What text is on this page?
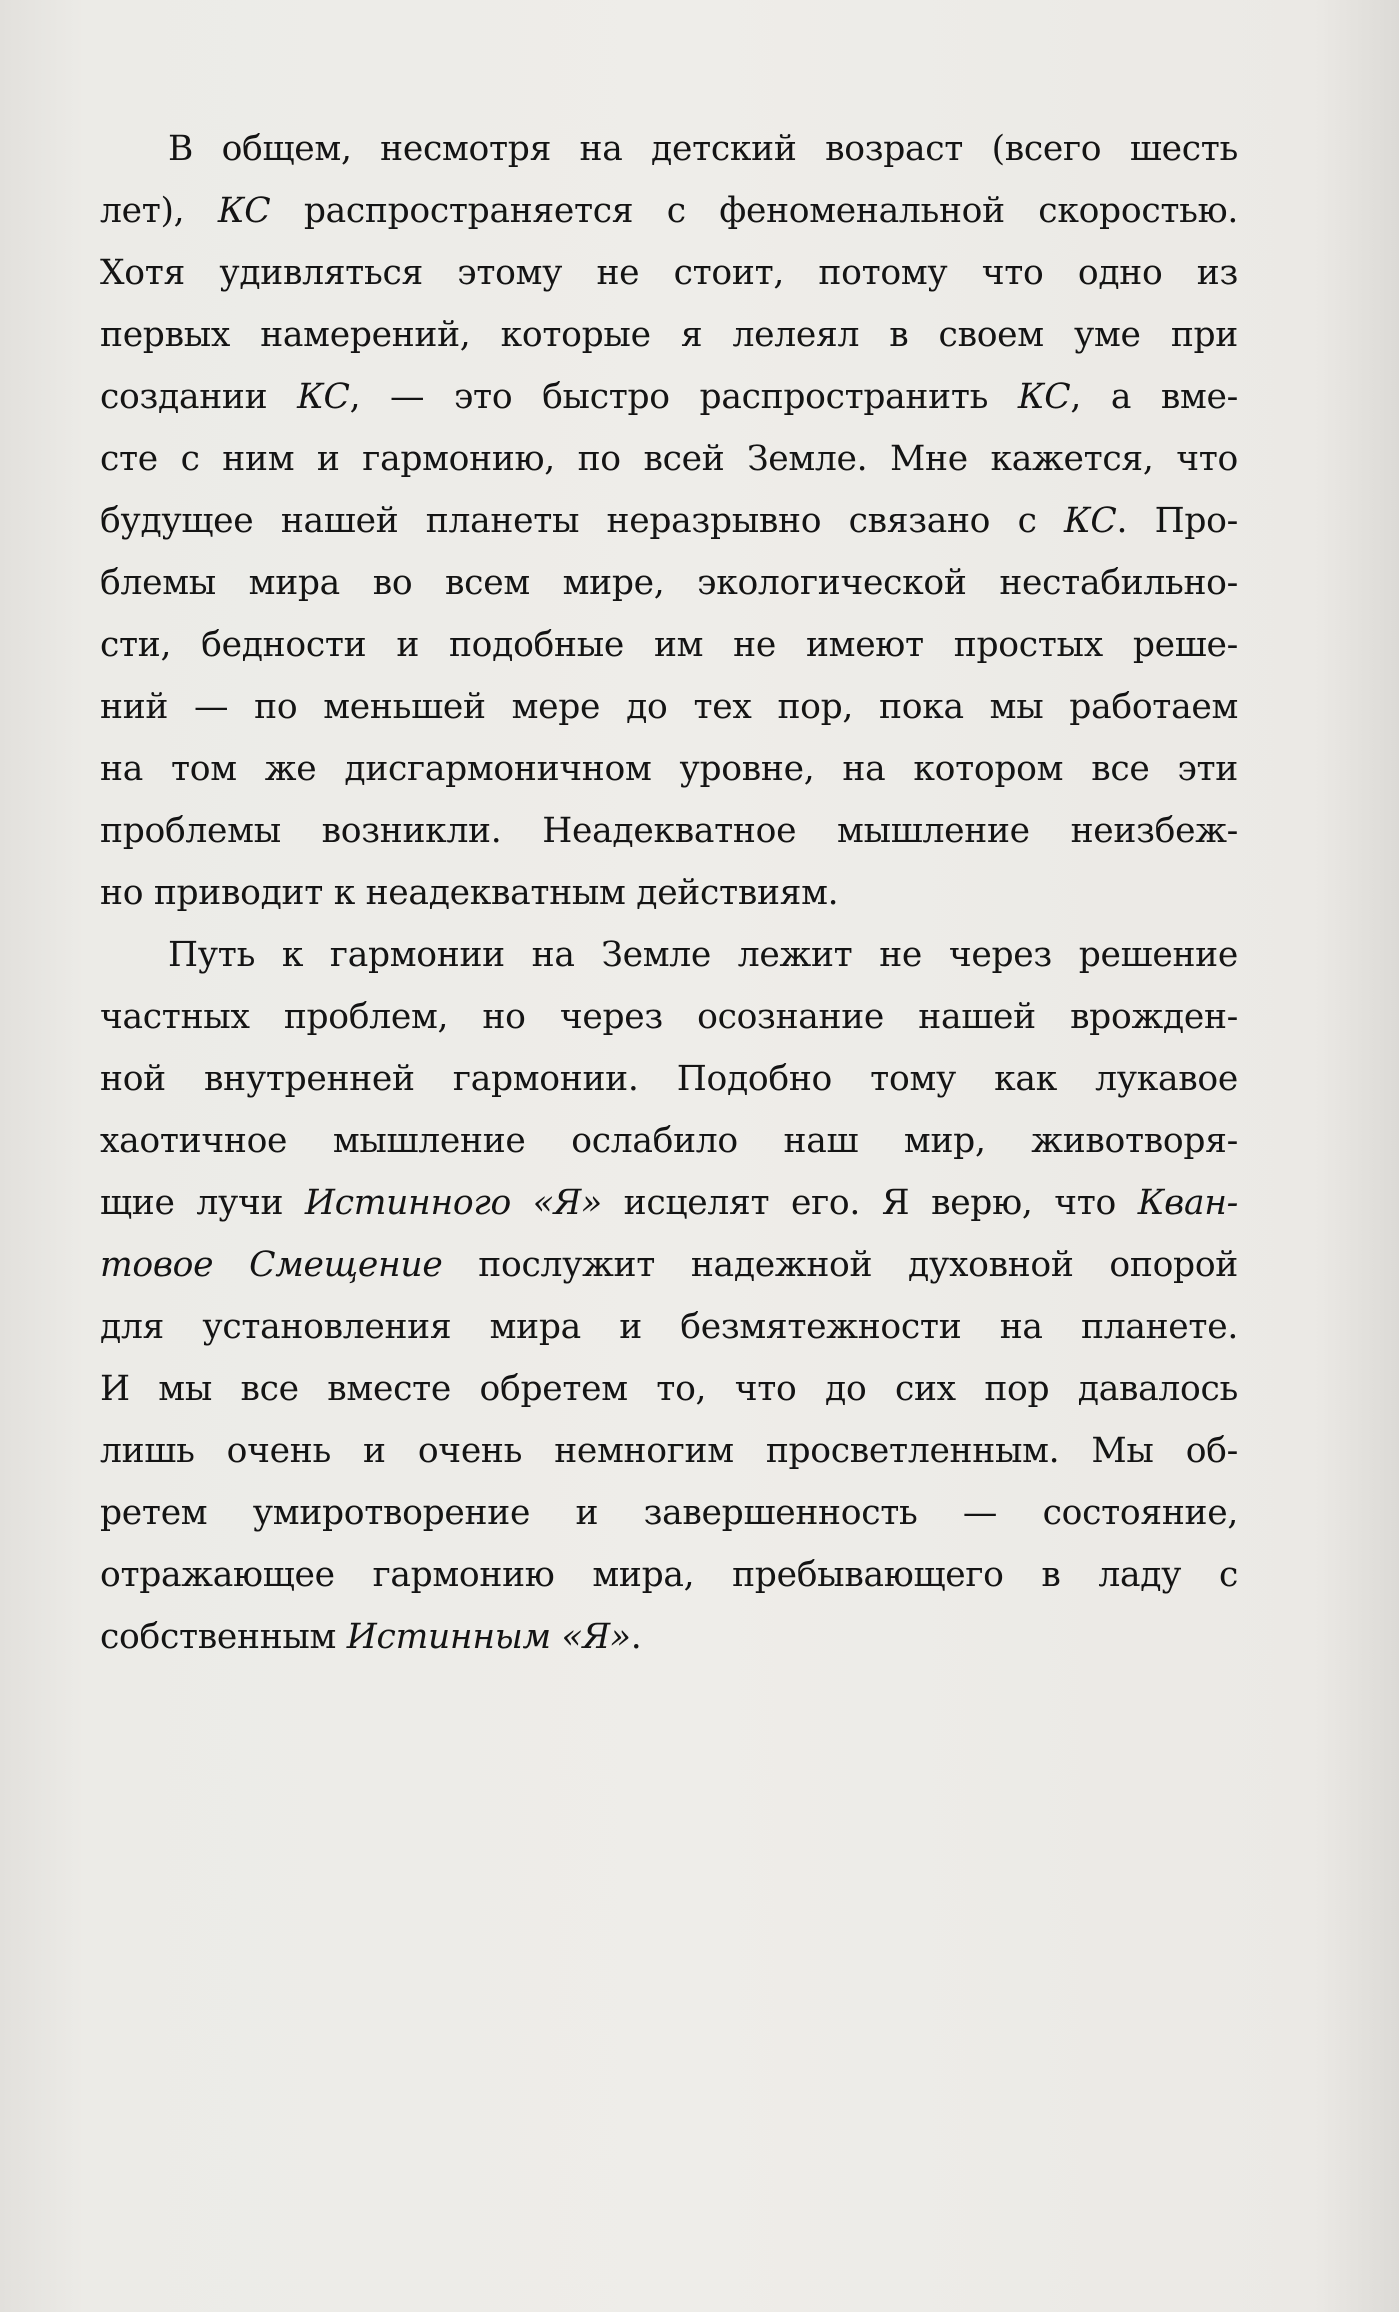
В общем, несмотря на детский возраст (всего шесть
лет), КС распространяется с феноменальной скоростью.
Хотя удивляться этому не стоит, потому что одно из
первых намерений, которые я лелеял в своем уме при
создании КС, — это быстро распространить КС, а вме-
сте с ним и гармонию, по всей Земле. Мне кажется, что
будущее нашей планеты неразрывно связано с КС. Про-
блемы мира во всем мире, экологической нестабильно-
сти, бедности и подобные им не имеют простых реше-
ний — по меньшей мере до тех пор, пока мы работаем
на том же дисгармоничном уровне, на котором все эти
проблемы возникли. Неадекватное мышление неизбеж-
но приводит к неадекватным действиям.
Путь к гармонии на Земле лежит не через решение
частных проблем, но через осознание нашей врожден-
ной внутренней гармонии. Подобно тому как лукавое
хаотичное мышление ослабило наш мир, животворя-
щие лучи Истинного «Я» исцелят его. Я верю, что Кван-
товое Смещение послужит надежной духовной опорой
для установления мира и безмятежности на планете.
И мы все вместе обретем то, что до сих пор давалось
лишь очень и очень немногим просветленным. Мы об-
ретем умиротворение и завершенность — состояние,
отражающее гармонию мира, пребывающего в ладу с
собственным Истинным «Я».
